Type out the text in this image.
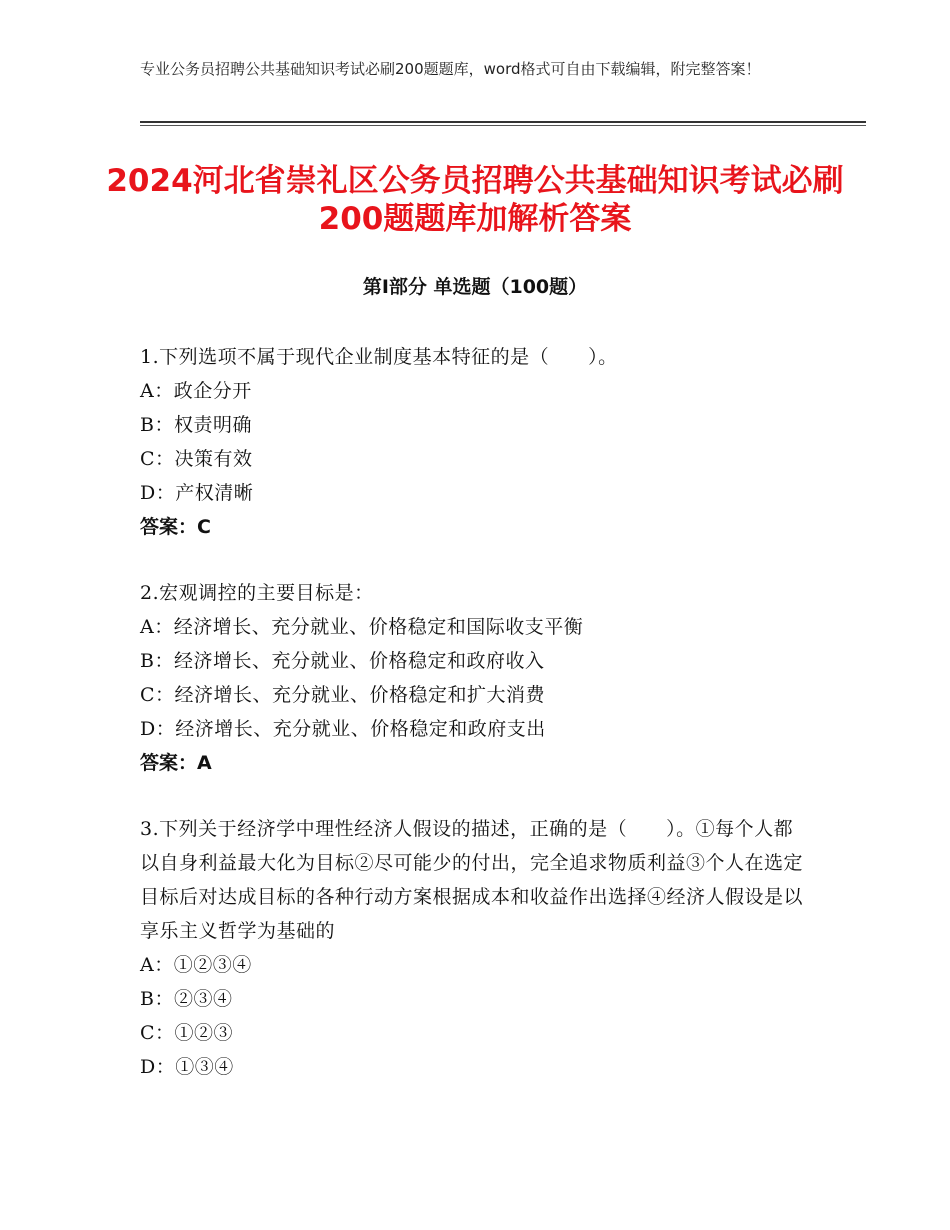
专业公务员招聘公共基础知识考试必刷200题题库，word格式可自由下载编辑，附完整答案！
2024河北省崇礼区公务员招聘公共基础知识考试必刷200题题库加解析答案
第Ⅰ部分 单选题（100题）
1.下列选项不属于现代企业制度基本特征的是（　　）。
A：政企分开
B：权责明确
C：决策有效
D：产权清晰
答案：C
2.宏观调控的主要目标是：
A：经济增长、充分就业、价格稳定和国际收支平衡
B：经济增长、充分就业、价格稳定和政府收入
C：经济增长、充分就业、价格稳定和扩大消费
D：经济增长、充分就业、价格稳定和政府支出
答案：A
3.下列关于经济学中理性经济人假设的描述，正确的是（　　）。①每个人都以自身利益最大化为目标②尽可能少的付出，完全追求物质利益③个人在选定目标后对达成目标的各种行动方案根据成本和收益作出选择④经济人假设是以享乐主义哲学为基础的
A：①②③④
B：②③④
C：①②③
D：①③④
